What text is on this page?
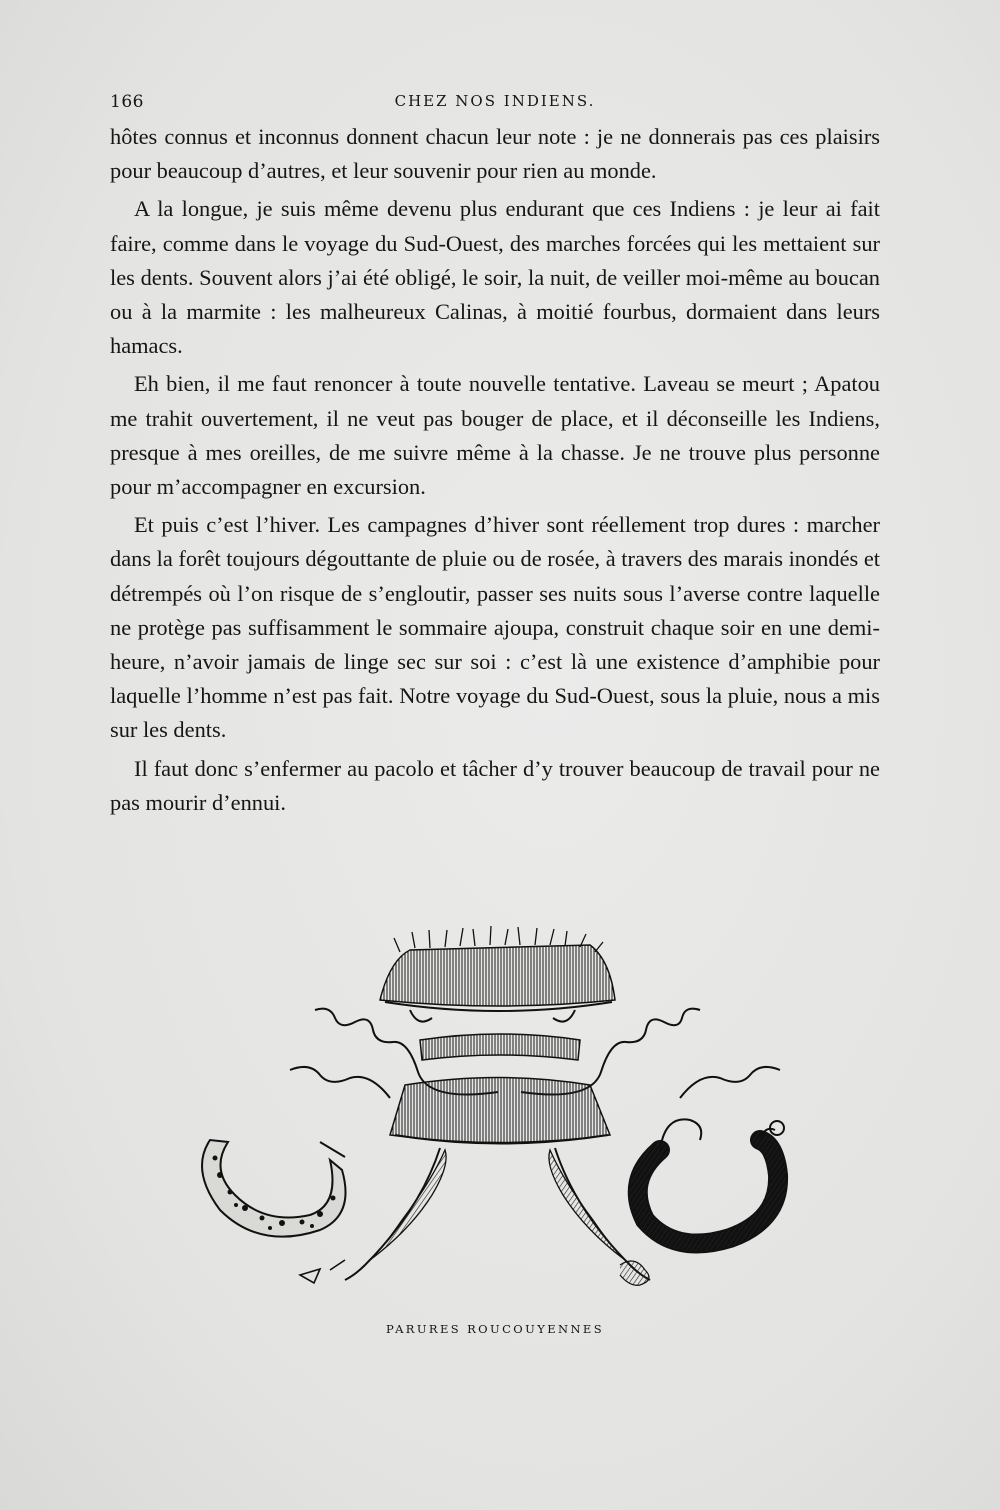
166	CHEZ NOS INDIENS.

hôtes connus et inconnus donnent chacun leur note : je ne donnerais pas ces plaisirs pour beaucoup d’autres, et leur souvenir pour rien au monde.

A la longue, je suis même devenu plus endurant que ces Indiens : je leur ai fait faire, comme dans le voyage du Sud-Ouest, des marches forcées qui les mettaient sur les dents. Souvent alors j’ai été obligé, le soir, la nuit, de veiller moi-même au boucan ou à la marmite : les malheureux Calinas, à moitié fourbus, dormaient dans leurs hamacs.

Eh bien, il me faut renoncer à toute nouvelle tentative. Laveau se meurt ; Apatou me trahit ouvertement, il ne veut pas bouger de place, et il déconseille les Indiens, presque à mes oreilles, de me suivre même à la chasse. Je ne trouve plus personne pour m’accompagner en excursion.

Et puis c’est l’hiver. Les campagnes d’hiver sont réellement trop dures : marcher dans la forêt toujours dégouttante de pluie ou de rosée, à travers des marais inondés et détrempés où l’on risque de s’engloutir, passer ses nuits sous l’averse contre laquelle ne protège pas suffisamment le sommaire ajoupa, construit chaque soir en une demi-heure, n’avoir jamais de linge sec sur soi : c’est là une existence d’amphibie pour laquelle l’homme n’est pas fait. Notre voyage du Sud-Ouest, sous la pluie, nous a mis sur les dents.

Il faut donc s’enfermer au pacolo et tâcher d’y trouver beaucoup de travail pour ne pas mourir d’ennui.

PARURES ROUCOUYENNES
